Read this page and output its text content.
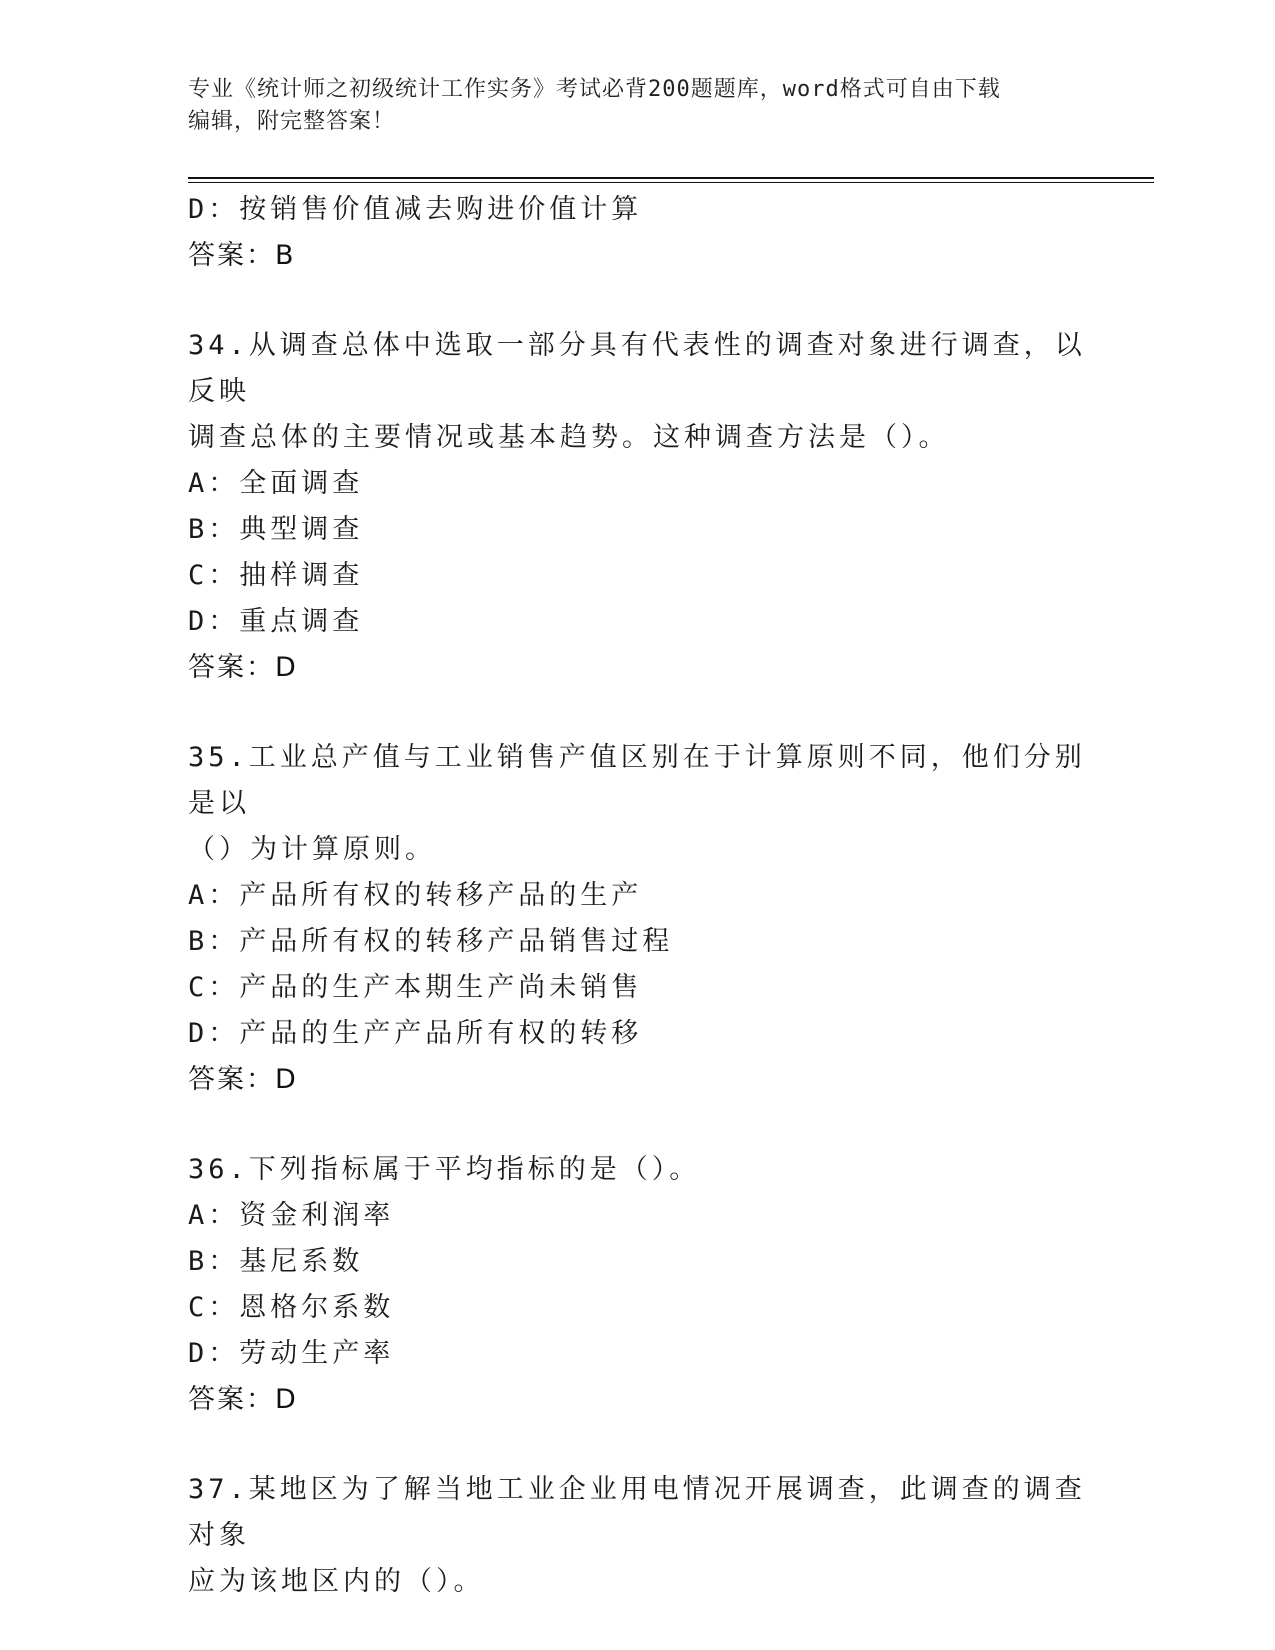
专业《统计师之初级统计工作实务》考试必背200题题库，word格式可自由下载
编辑，附完整答案！
D：按销售价值减去购进价值计算
答案：B
34.从调查总体中选取一部分具有代表性的调查对象进行调查，以反映
调查总体的主要情况或基本趋势。这种调查方法是（）。
A：全面调查
B：典型调查
C：抽样调查
D：重点调查
答案：D
35.工业总产值与工业销售产值区别在于计算原则不同，他们分别是以
（）为计算原则。
A：产品所有权的转移产品的生产
B：产品所有权的转移产品销售过程
C：产品的生产本期生产尚未销售
D：产品的生产产品所有权的转移
答案：D
36.下列指标属于平均指标的是（）。
A：资金利润率
B：基尼系数
C：恩格尔系数
D：劳动生产率
答案：D
37.某地区为了解当地工业企业用电情况开展调查，此调查的调查对象
应为该地区内的（）。
